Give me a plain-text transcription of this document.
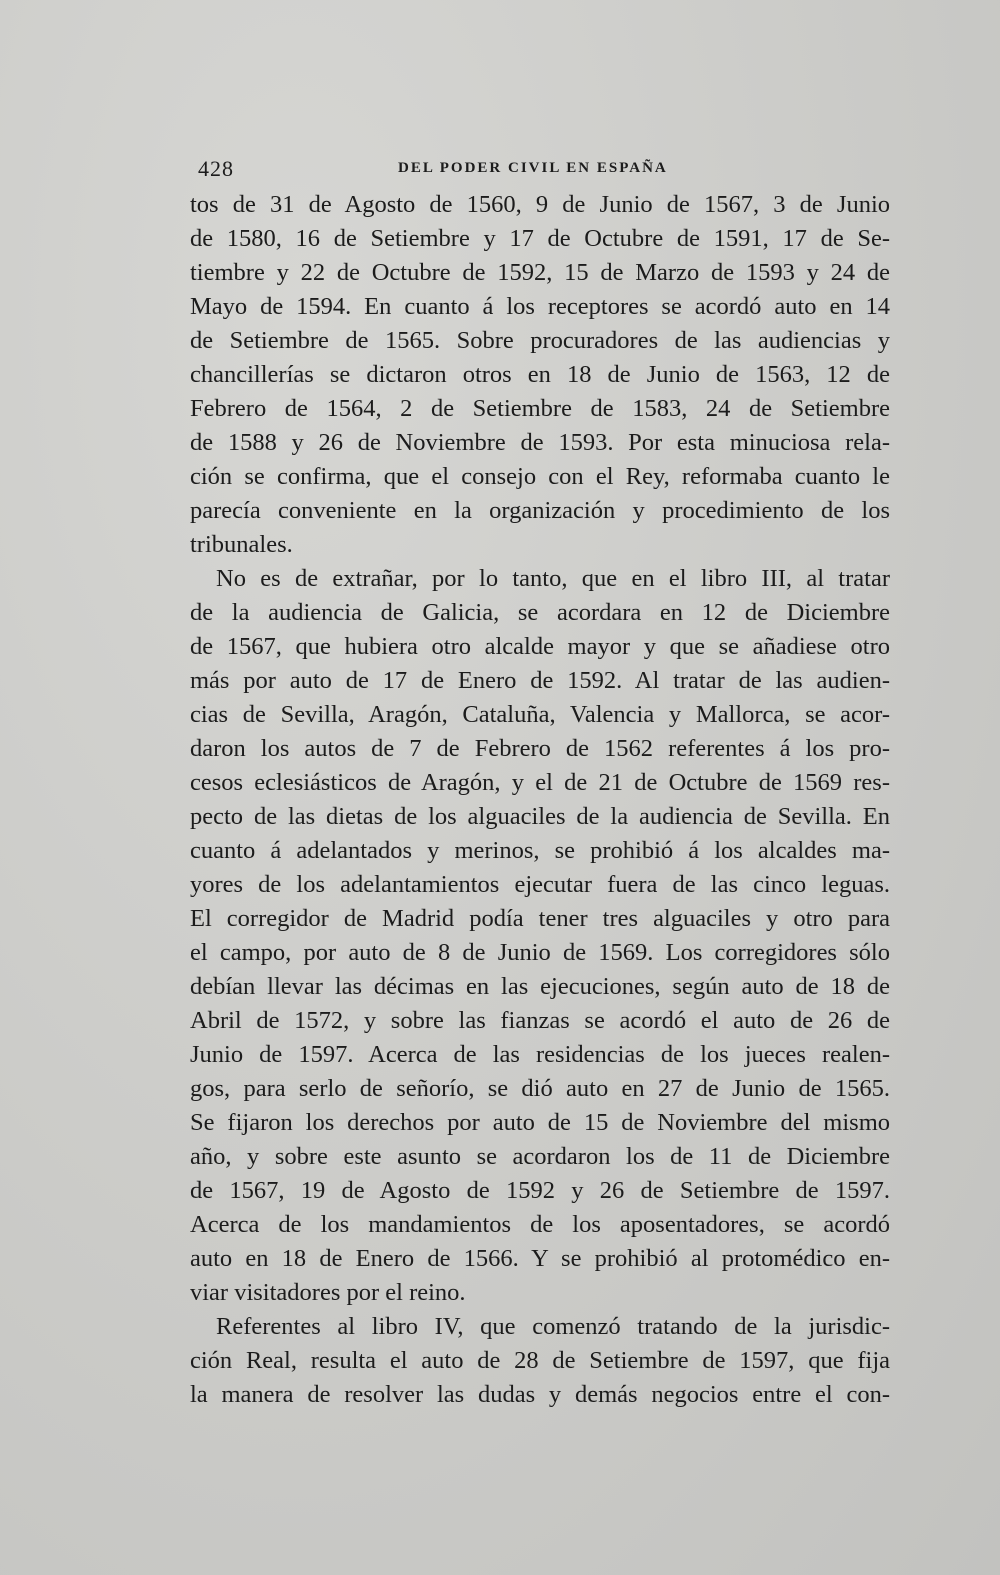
428	DEL PODER CIVIL EN ESPAÑA
tos de 31 de Agosto de 1560, 9 de Junio de 1567, 3 de Junio
de 1580, 16 de Setiembre y 17 de Octubre de 1591, 17 de Se-
tiembre y 22 de Octubre de 1592, 15 de Marzo de 1593 y 24 de
Mayo de 1594. En cuanto á los receptores se acordó auto en 14
de Setiembre de 1565. Sobre procuradores de las audiencias y
chancillerías se dictaron otros en 18 de Junio de 1563, 12 de
Febrero de 1564, 2 de Setiembre de 1583, 24 de Setiembre
de 1588 y 26 de Noviembre de 1593. Por esta minuciosa rela-
ción se confirma, que el consejo con el Rey, reformaba cuanto le
parecía conveniente en la organización y procedimiento de los
tribunales.
No es de extrañar, por lo tanto, que en el libro III, al tratar
de la audiencia de Galicia, se acordara en 12 de Diciembre
de 1567, que hubiera otro alcalde mayor y que se añadiese otro
más por auto de 17 de Enero de 1592. Al tratar de las audien-
cias de Sevilla, Aragón, Cataluña, Valencia y Mallorca, se acor-
daron los autos de 7 de Febrero de 1562 referentes á los pro-
cesos eclesiásticos de Aragón, y el de 21 de Octubre de 1569 res-
pecto de las dietas de los alguaciles de la audiencia de Sevilla. En
cuanto á adelantados y merinos, se prohibió á los alcaldes ma-
yores de los adelantamientos ejecutar fuera de las cinco leguas.
El corregidor de Madrid podía tener tres alguaciles y otro para
el campo, por auto de 8 de Junio de 1569. Los corregidores sólo
debían llevar las décimas en las ejecuciones, según auto de 18 de
Abril de 1572, y sobre las fianzas se acordó el auto de 26 de
Junio de 1597. Acerca de las residencias de los jueces realen-
gos, para serlo de señorío, se dió auto en 27 de Junio de 1565.
Se fijaron los derechos por auto de 15 de Noviembre del mismo
año, y sobre este asunto se acordaron los de 11 de Diciembre
de 1567, 19 de Agosto de 1592 y 26 de Setiembre de 1597.
Acerca de los mandamientos de los aposentadores, se acordó
auto en 18 de Enero de 1566. Y se prohibió al protomédico en-
viar visitadores por el reino.
Referentes al libro IV, que comenzó tratando de la jurisdic-
ción Real, resulta el auto de 28 de Setiembre de 1597, que fija
la manera de resolver las dudas y demás negocios entre el con-
